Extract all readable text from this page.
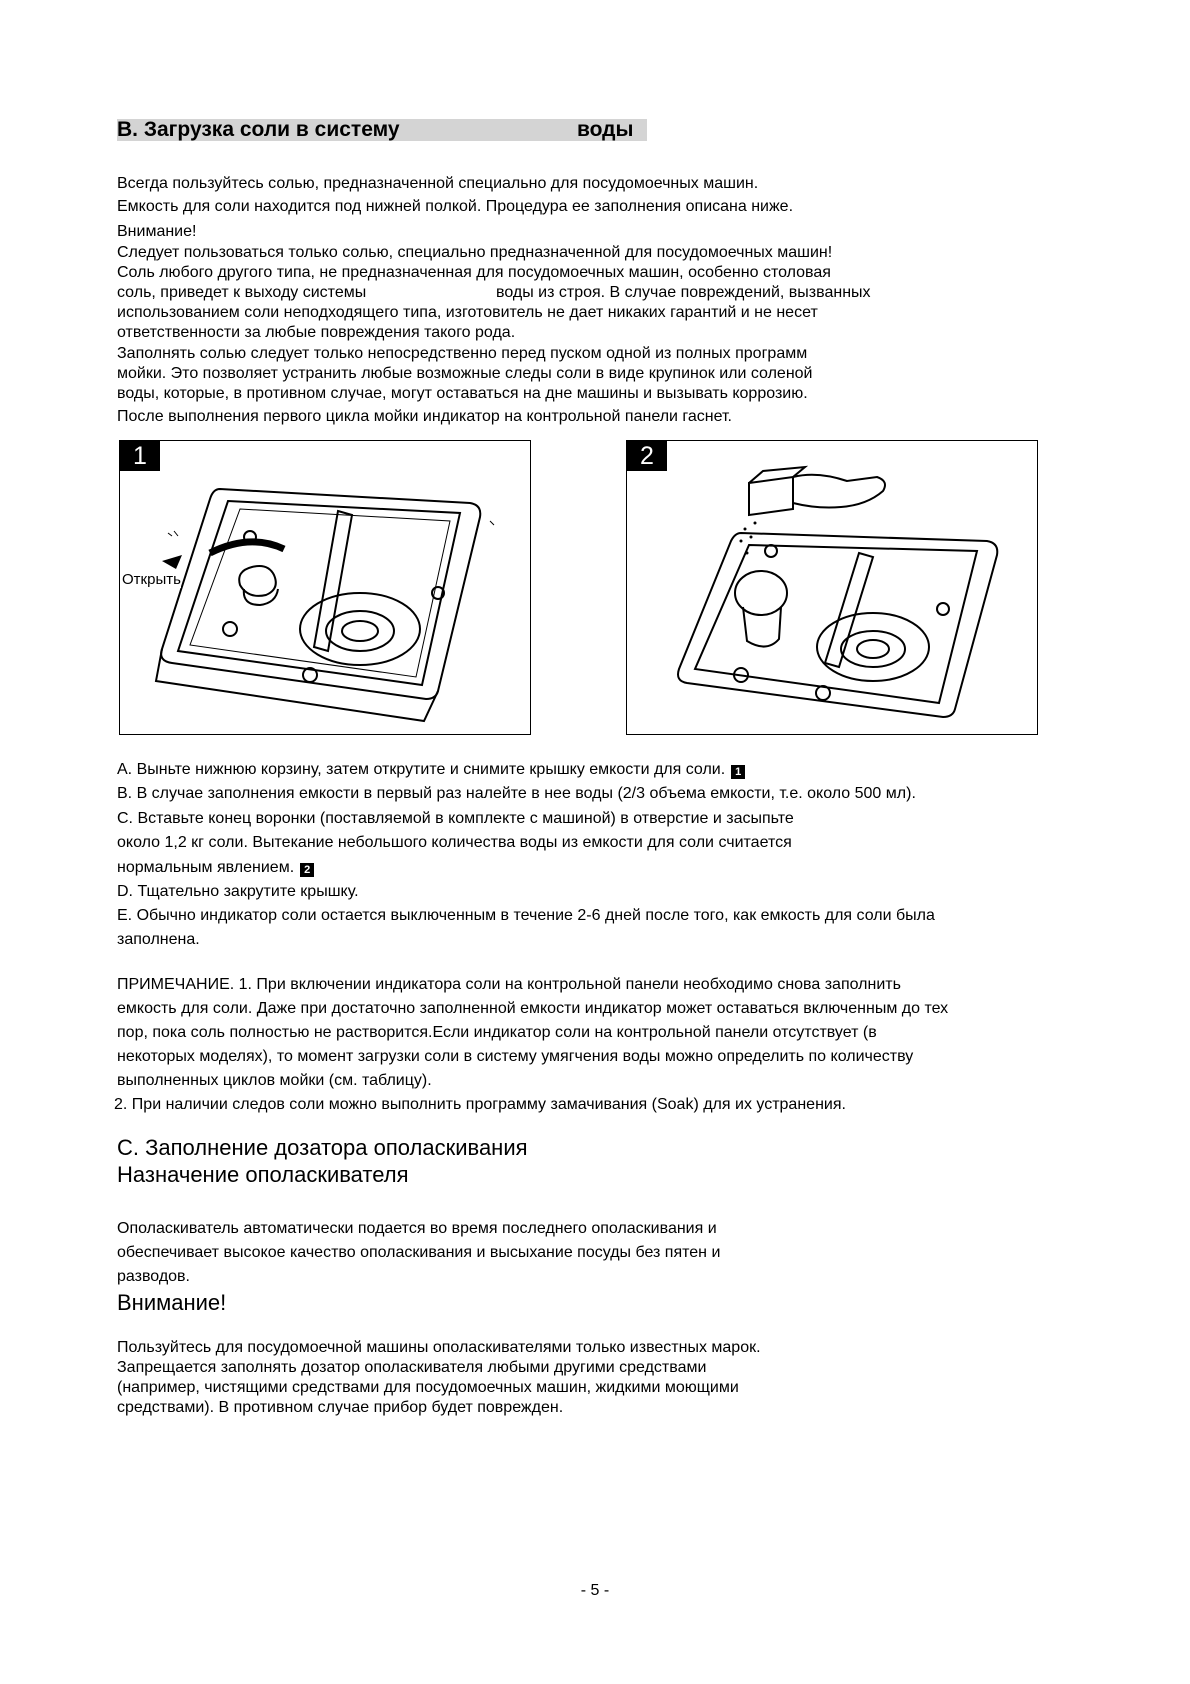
B. Загрузка соли в систему	воды
Всегда пользуйтесь солью, предназначенной специально для посудомоечных машин.
Емкость для соли находится под нижней полкой. Процедура ее заполнения описана ниже.
Внимание!
Следует пользоваться только солью, специально предназначенной для посудомоечных машин!
Соль любого другого типа, не предназначенная для посудомоечных машин, особенно столовая
соль, приведет к выходу системы	воды из строя. В случае повреждений, вызванных
использованием соли неподходящего типа, изготовитель не дает никаких гарантий и не несет
ответственности за любые повреждения такого рода.
Заполнять солью следует только непосредственно перед пуском одной из полных программ
мойки. Это позволяет устранить любые возможные следы соли в виде крупинок или соленой
воды, которые, в противном случае, могут оставаться на дне машины и вызывать коррозию.
После выполнения первого цикла мойки индикатор на контрольной панели гаснет.
1
Открыть
2
A. Выньте нижнюю корзину, затем открутите и снимите крышку емкости для соли. 1
B. В случае заполнения емкости в первый раз налейте в нее воды (2/3 объема емкости, т.е. около 500 мл).
C. Вставьте конец воронки (поставляемой в комплекте с машиной) в отверстие и засыпьте
около 1,2 кг соли. Вытекание небольшого количества воды из емкости для соли считается
нормальным явлением. 2
D. Тщательно закрутите крышку.
E. Обычно индикатор соли остается выключенным в течение 2-6 дней после того, как емкость для соли была
заполнена.
ПРИМЕЧАНИЕ. 1. При включении индикатора соли на контрольной панели необходимо снова заполнить
емкость для соли. Даже при достаточно заполненной емкости индикатор может оставаться включенным до тех
пор, пока соль полностью не растворится.Если индикатор соли на контрольной панели отсутствует (в
некоторых моделях), то момент загрузки соли в систему умягчения воды можно определить по количеству
выполненных циклов мойки (см. таблицу).
2. При наличии следов соли можно выполнить программу замачивания (Soak) для их устранения.
C. Заполнение дозатора ополаскивания
Назначение ополаскивателя
Ополаскиватель автоматически подается во время последнего ополаскивания и
обеспечивает высокое качество ополаскивания и высыхание посуды без пятен и
разводов.
Внимание!
Пользуйтесь для посудомоечной машины ополаскивателями только известных марок.
Запрещается заполнять дозатор ополаскивателя любыми другими средствами
(например, чистящими средствами для посудомоечных машин, жидкими моющими
средствами). В противном случае прибор будет поврежден.
- 5 -
